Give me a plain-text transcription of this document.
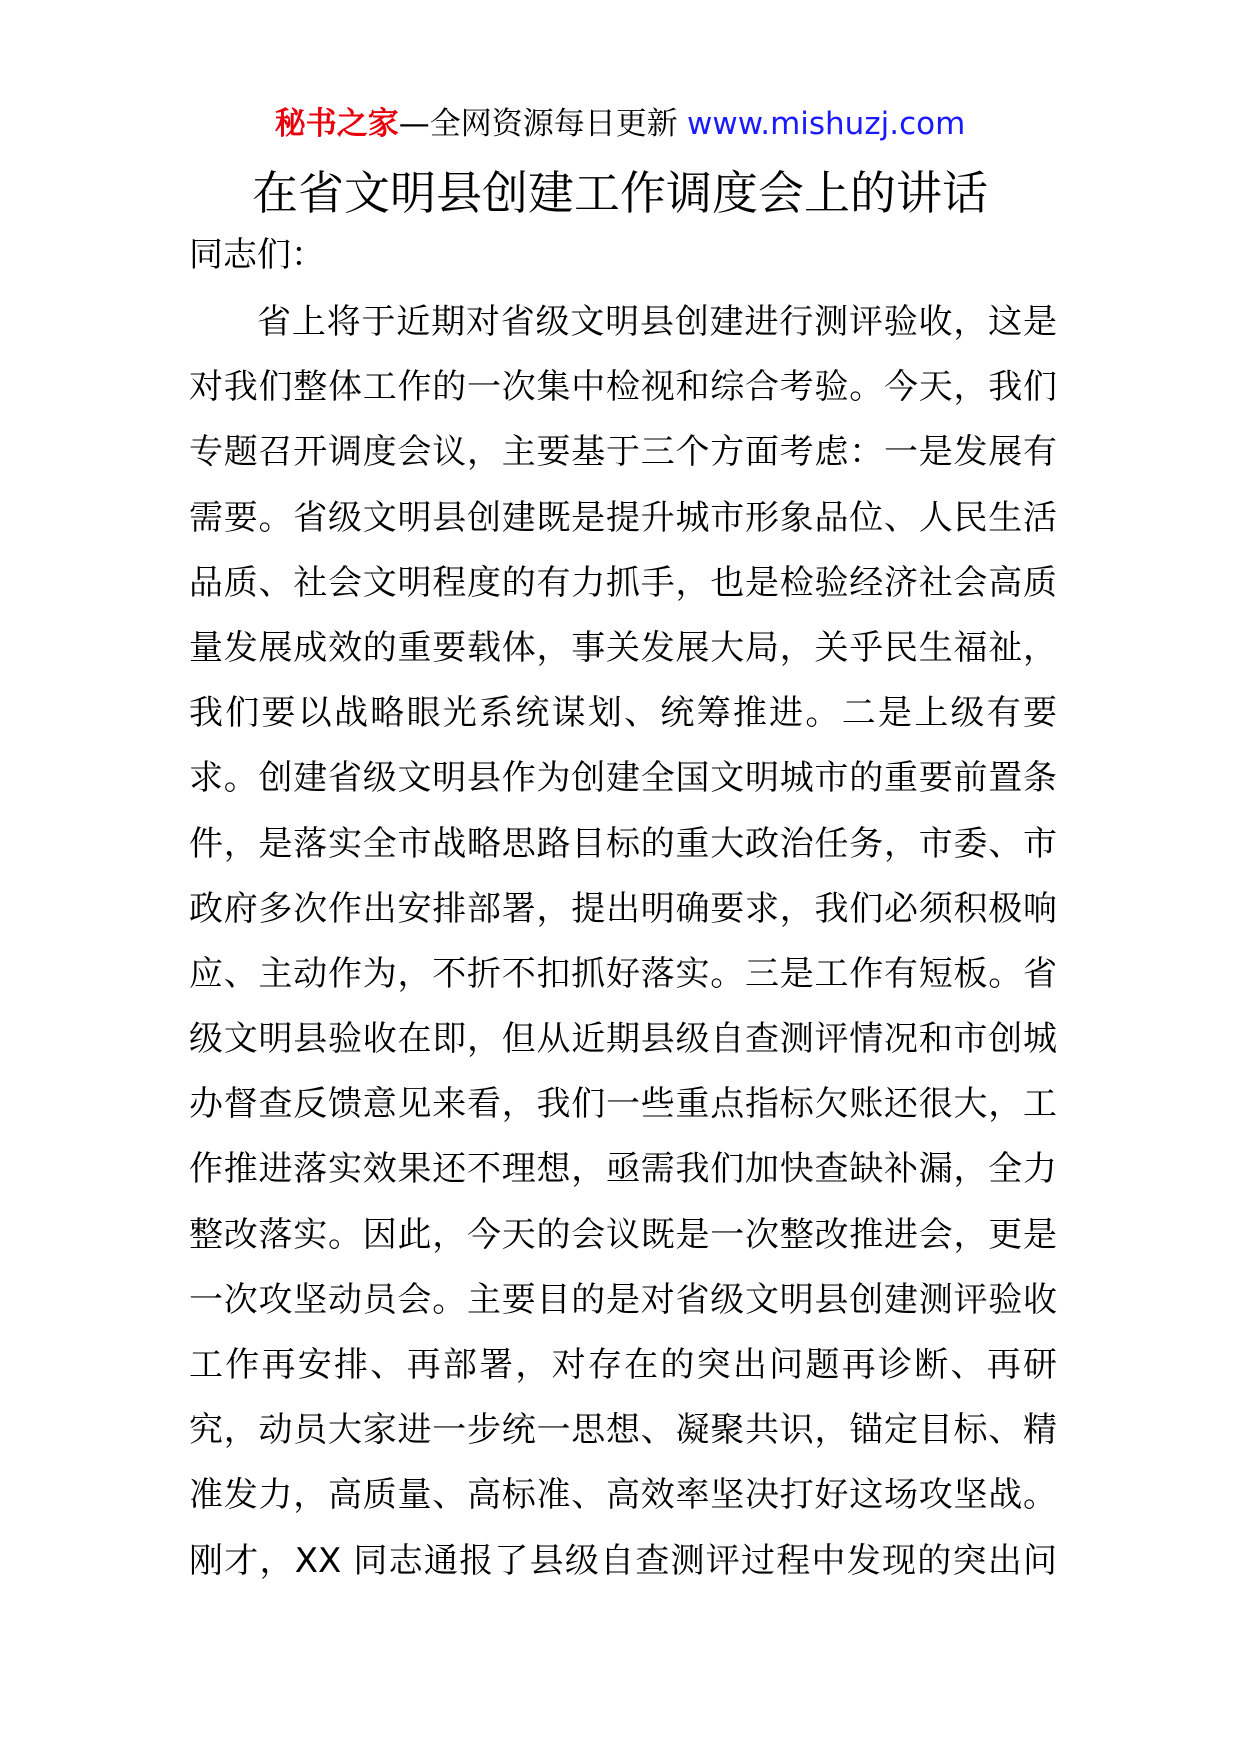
秘书之家—全网资源每日更新 www.mishuzj.com
在省文明县创建工作调度会上的讲话
同志们：
省上将于近期对省级文明县创建进行测评验收，这是
对我们整体工作的一次集中检视和综合考验。今天，我们
专题召开调度会议，主要基于三个方面考虑：一是发展有
需要。省级文明县创建既是提升城市形象品位、人民生活
品质、社会文明程度的有力抓手，也是检验经济社会高质
量发展成效的重要载体，事关发展大局，关乎民生福祉，
我们要以战略眼光系统谋划、统筹推进。二是上级有要
求。创建省级文明县作为创建全国文明城市的重要前置条
件，是落实全市战略思路目标的重大政治任务，市委、市
政府多次作出安排部署，提出明确要求，我们必须积极响
应、主动作为，不折不扣抓好落实。三是工作有短板。省
级文明县验收在即，但从近期县级自查测评情况和市创城
办督查反馈意见来看，我们一些重点指标欠账还很大，工
作推进落实效果还不理想，亟需我们加快查缺补漏，全力
整改落实。因此，今天的会议既是一次整改推进会，更是
一次攻坚动员会。主要目的是对省级文明县创建测评验收
工作再安排、再部署，对存在的突出问题再诊断、再研
究，动员大家进一步统一思想、凝聚共识，锚定目标、精
准发力，高质量、高标准、高效率坚决打好这场攻坚战。
刚才，XX 同志通报了县级自查测评过程中发现的突出问
